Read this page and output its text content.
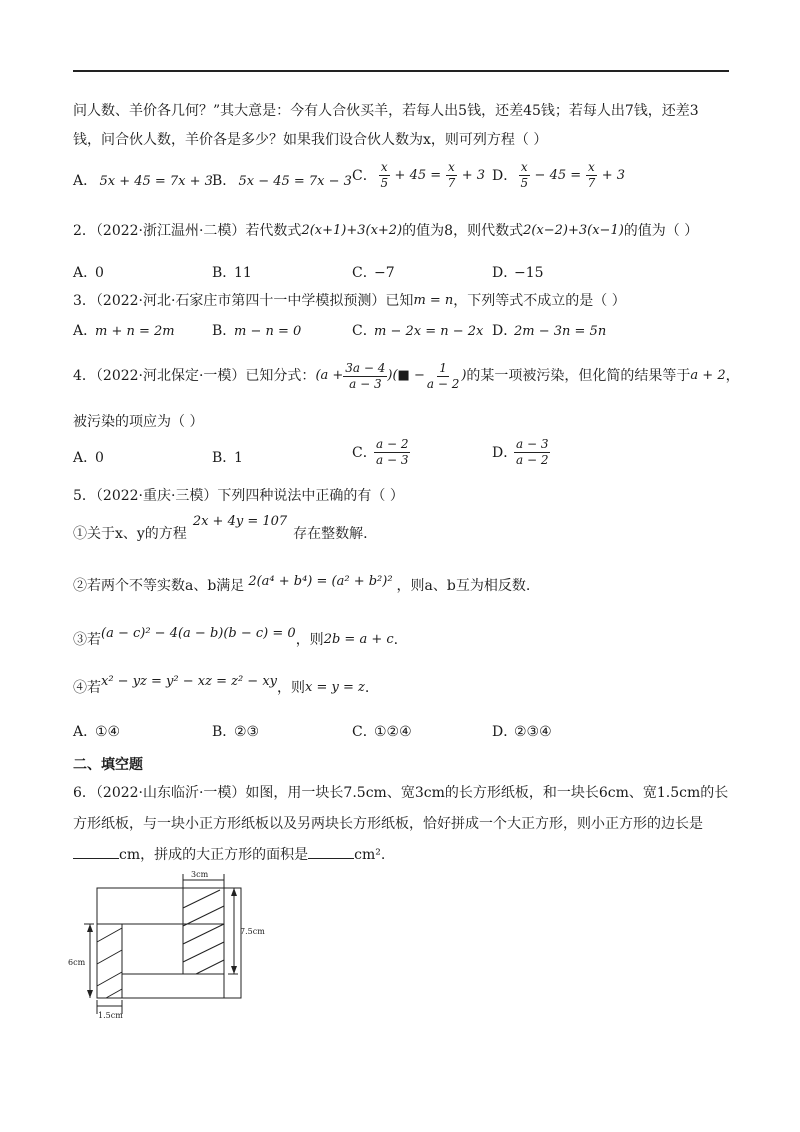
问人数、羊价各几何？”其大意是：今有人合伙买羊，若每人出5钱，还差45钱；若每人出7钱，还差3
钱，问合伙人数，羊价各是多少？如果我们设合伙人数为x，则可列方程（ ）
A． 5x + 45 = 7x + 3 B． 5x − 45 = 7x − 3 C． $\frac{x}{5} + 45 = \frac{x}{7} + 3$ D． $\frac{x}{5} - 45 = \frac{x}{7} + 3$
2．（2022·浙江温州·二模）若代数式2(x+1)+3(x+2)的值为8，则代数式2(x−2)+3(x−1)的值为（ ）
A．0	B．11	C．−7	D．−15
3．（2022·河北·石家庄市第四十一中学模拟预测）已知m = n，下列等式不成立的是（ ）
A．m + n = 2m	B．m − n = 0	C．m − 2x = n − 2x D．2m − 3n = 5n
4．（2022·河北保定·一模）已知分式：($a + \frac{3a - 4}{a - 3}$ )(■ − $\frac{1}{a - 2}$ )的某一项被污染，但化简的结果等于a + 2，
被污染的项应为（ ）
A．0	B．1	C．
$\frac{a - 2}{a - 3}$	D．
$\frac{a - 3}{a - 2}$
5．（2022·重庆·三模）下列四种说法中正确的有（ ）
①关于x、y的方程2x + 4y = 107存在整数解.
②若两个不等实数a、b满足 2(a⁴ + b⁴) = (a² + b²)² ，则a、b互为相反数.
③若(a − c)² − 4(a − b)(b − c) = 0，则2b = a + c.
④若x² − yz = y² − xz = z² − xy，则x = y = z.
A．①④	B．②③	C．①②④	D．②③④
二、填空题
6．（2022·山东临沂·一模）如图，用一块长7.5cm、宽3cm的长方形纸板，和一块长6cm、宽1.5cm的长
方形纸板，与一块小正方形纸板以及另两块长方形纸板，恰好拼成一个大正方形，则小正方形的边长是
cm，拼成的大正方形的面积是	cm².
3cm
7.5cm
6cm
1.5cm
